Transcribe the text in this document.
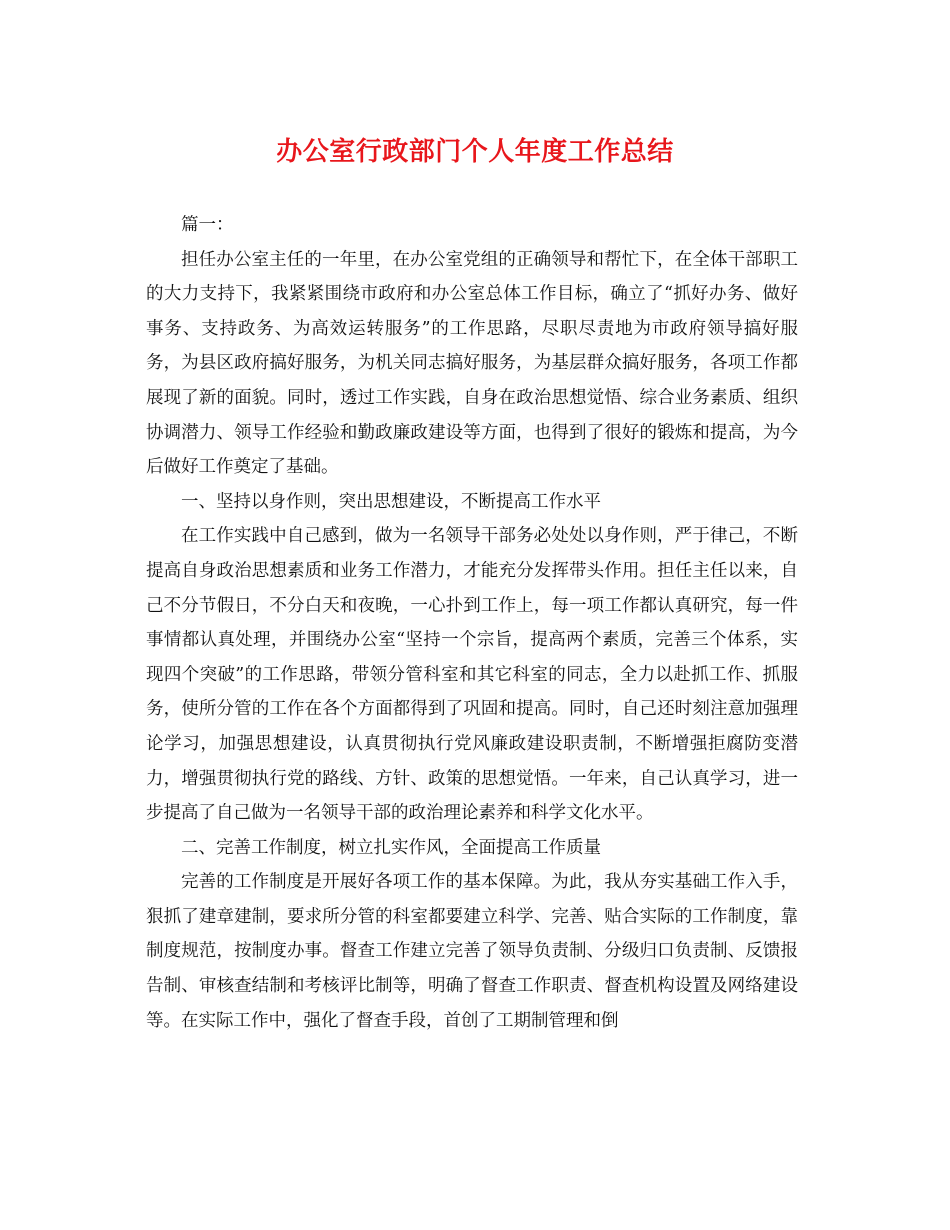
办公室行政部门个人年度工作总结

篇一：

担任办公室主任的一年里，在办公室党组的正确领导和帮忙下，在全体干部职工的大力支持下，我紧紧围绕市政府和办公室总体工作目标，确立了“抓好办务、做好事务、支持政务、为高效运转服务”的工作思路，尽职尽责地为市政府领导搞好服务，为县区政府搞好服务，为机关同志搞好服务，为基层群众搞好服务，各项工作都展现了新的面貌。同时，透过工作实践，自身在政治思想觉悟、综合业务素质、组织协调潜力、领导工作经验和勤政廉政建设等方面，也得到了很好的锻炼和提高，为今后做好工作奠定了基础。

一、坚持以身作则，突出思想建设，不断提高工作水平

在工作实践中自己感到，做为一名领导干部务必处处以身作则，严于律己，不断提高自身政治思想素质和业务工作潜力，才能充分发挥带头作用。担任主任以来，自己不分节假日，不分白天和夜晚，一心扑到工作上，每一项工作都认真研究，每一件事情都认真处理，并围绕办公室“坚持一个宗旨，提高两个素质，完善三个体系，实现四个突破”的工作思路，带领分管科室和其它科室的同志，全力以赴抓工作、抓服务，使所分管的工作在各个方面都得到了巩固和提高。同时，自己还时刻注意加强理论学习，加强思想建设，认真贯彻执行党风廉政建设职责制，不断增强拒腐防变潜力，增强贯彻执行党的路线、方针、政策的思想觉悟。一年来，自己认真学习，进一步提高了自己做为一名领导干部的政治理论素养和科学文化水平。

二、完善工作制度，树立扎实作风，全面提高工作质量

完善的工作制度是开展好各项工作的基本保障。为此，我从夯实基础工作入手，狠抓了建章建制，要求所分管的科室都要建立科学、完善、贴合实际的工作制度，靠制度规范，按制度办事。督查工作建立完善了领导负责制、分级归口负责制、反馈报告制、审核查结制和考核评比制等，明确了督查工作职责、督查机构设置及网络建设等。在实际工作中，强化了督查手段，首创了工期制管理和倒
